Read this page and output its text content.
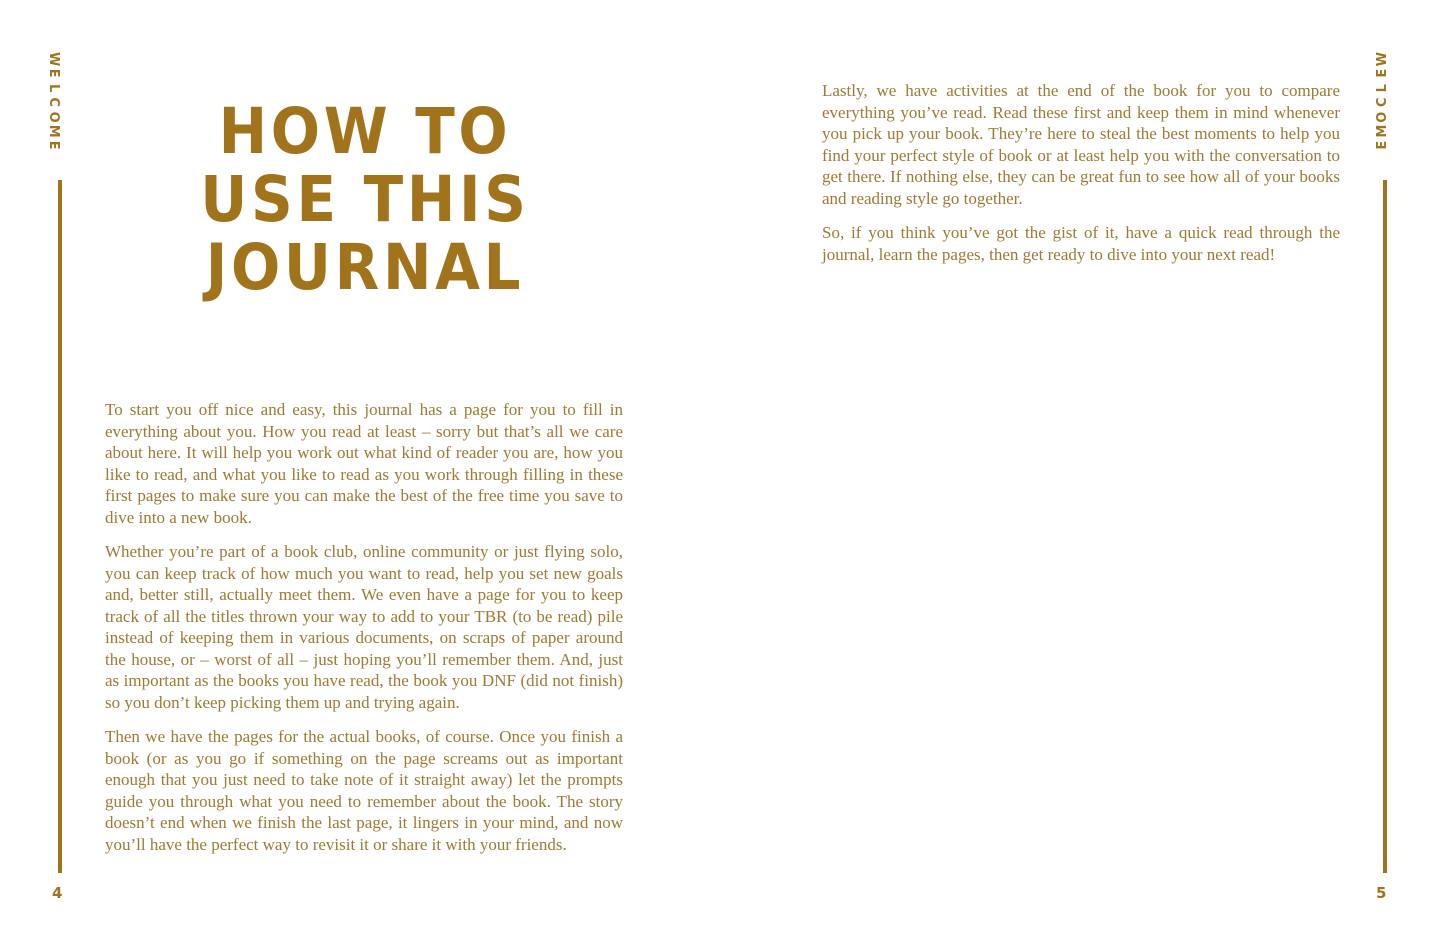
W
E
L
C
O
M
E	HOW TO
USE THIS
JOURNAL

To start you off nice and easy, this journal has a page for you to fill in everything about you. How you read at least – sorry but that’s all we care about here. It will help you work out what kind of reader you are, how you like to read, and what you like to read as you work through filling in these first pages to make sure you can make the best of the free time you save to dive into a new book.

Whether you’re part of a book club, online community or just flying solo, you can keep track of how much you want to read, help you set new goals and, better still, actually meet them. We even have a page for you to keep track of all the titles thrown your way to add to your TBR (to be read) pile instead of keeping them in various documents, on scraps of paper around the house, or – worst of all – just hoping you’ll remember them. And, just as important as the books you have read, the book you DNF (did not finish) so you don’t keep picking them up and trying again.

Then we have the pages for the actual books, of course. Once you finish a book (or as you go if something on the page screams out as important enough that you just need to take note of it straight away) let the prompts guide you through what you need to remember about the book. The story doesn’t end when we finish the last page, it lingers in your mind, and now you’ll have the perfect way to revisit it or share it with your friends.

4

Lastly, we have activities at the end of the book for you to compare everything you’ve read. Read these first and keep them in mind whenever you pick up your book. They’re here to steal the best moments to help you find your perfect style of book or at least help you with the conversation to get there. If nothing else, they can be great fun to see how all of your books and reading style go together.

So, if you think you’ve got the gist of it, have a quick read through the journal, learn the pages, then get ready to dive into your next read!

W
E
L
C
O
M
E
5
